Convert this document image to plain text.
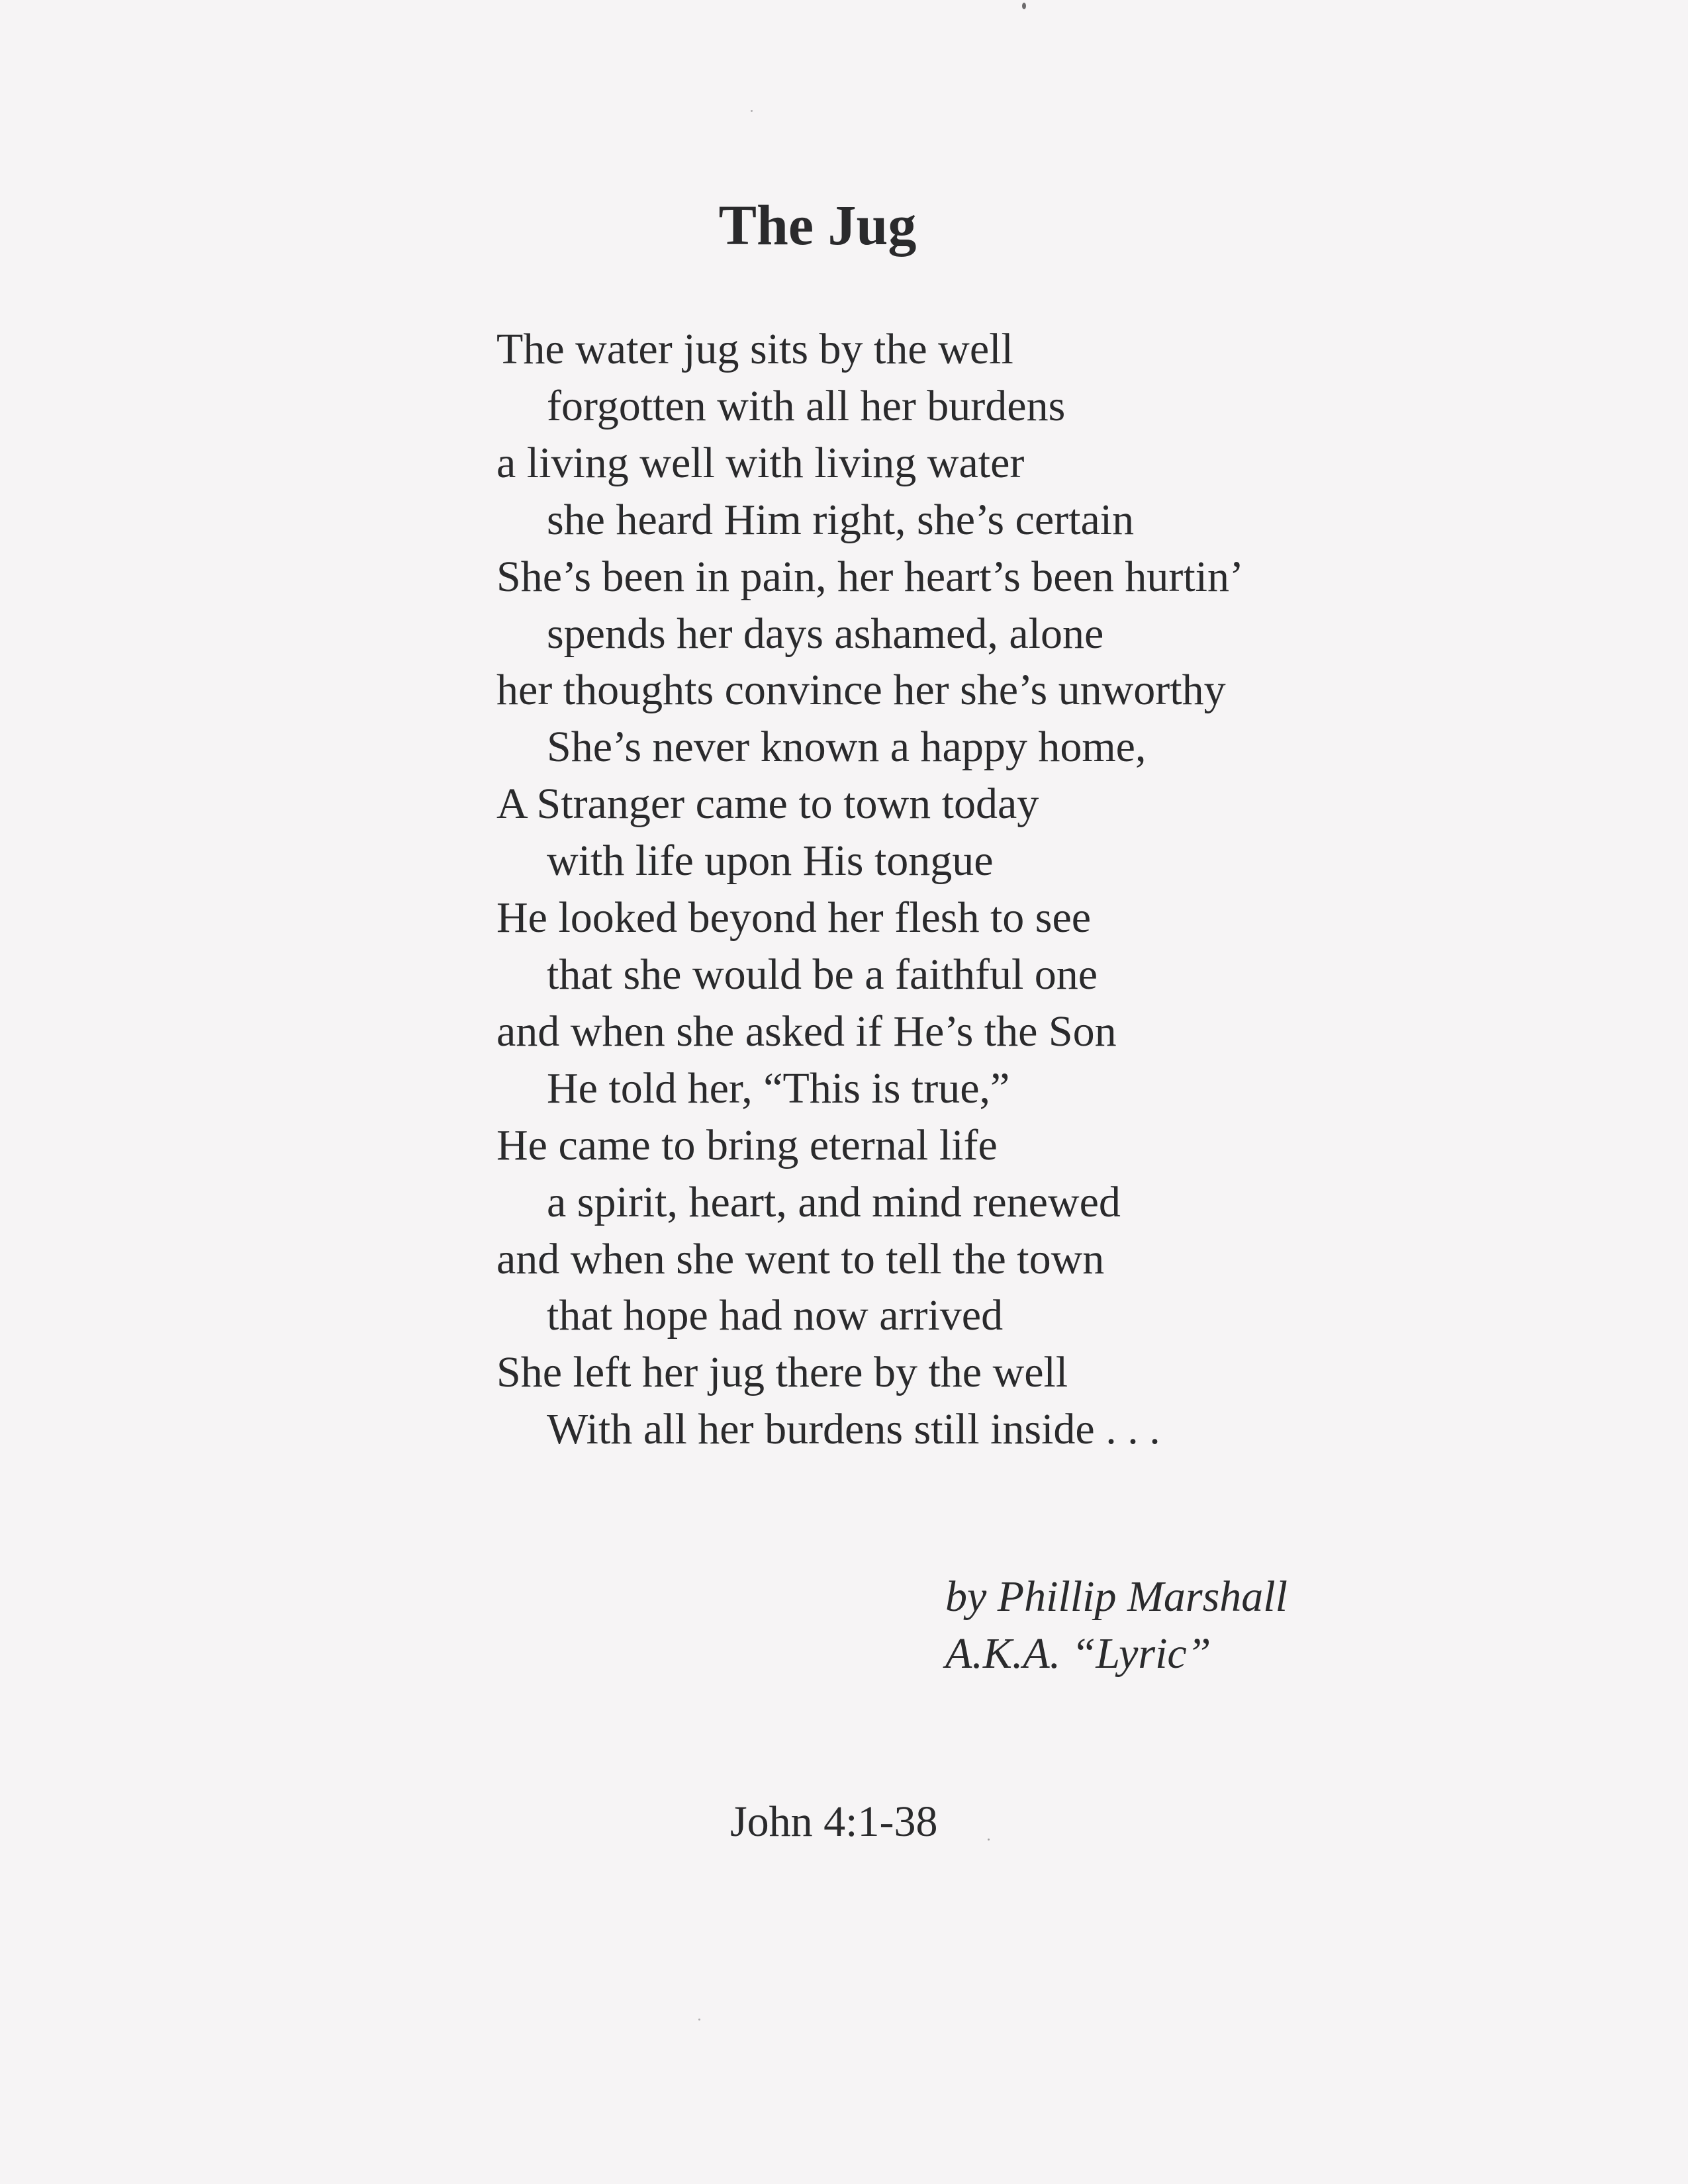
The Jug
The water jug sits by the well
forgotten with all her burdens
a living well with living water
she heard Him right, she’s certain
She’s been in pain, her heart’s been hurtin’
spends her days ashamed, alone
her thoughts convince her she’s unworthy
She’s never known a happy home,
A Stranger came to town today
with life upon His tongue
He looked beyond her flesh to see
that she would be a faithful one
and when she asked if He’s the Son
He told her, “This is true,”
He came to bring eternal life
a spirit, heart, and mind renewed
and when she went to tell the town
that hope had now arrived
She left her jug there by the well
With all her burdens still inside . . .
by Phillip Marshall
A.K.A. “Lyric”
John 4:1-38
